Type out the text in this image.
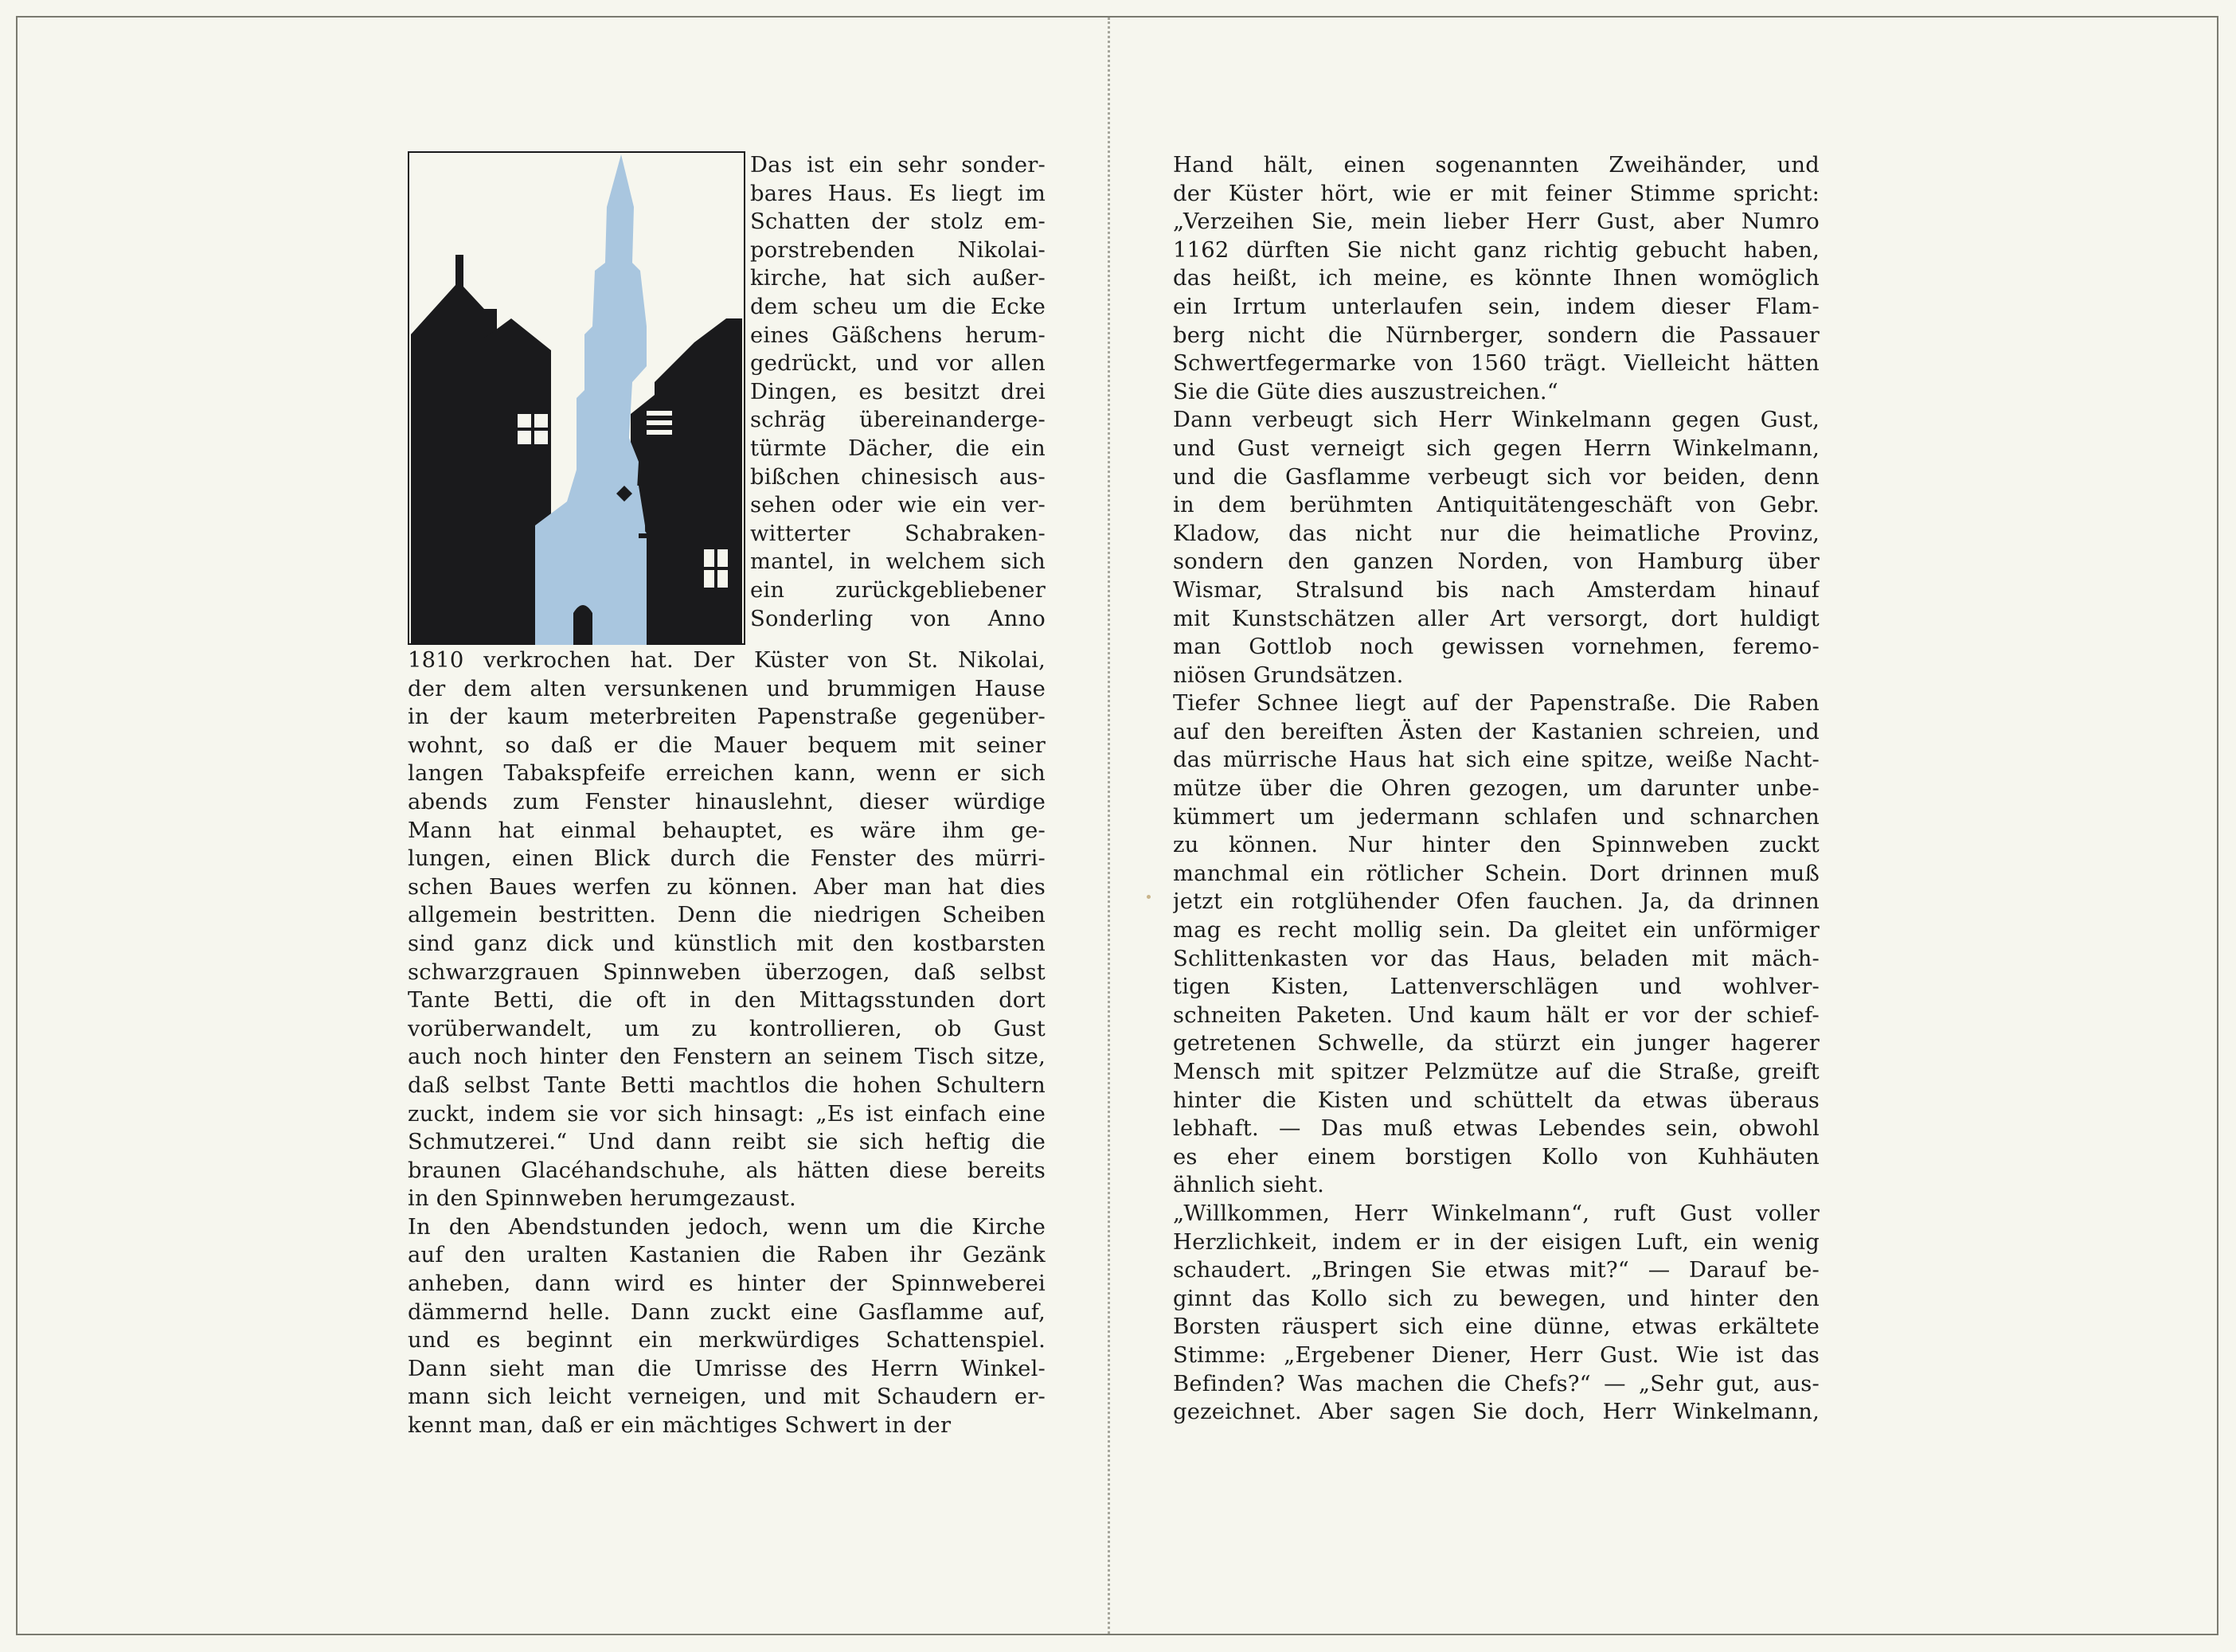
Das ist ein sehr sonder-
bares Haus. Es liegt im
Schatten der stolz em-
porstrebenden Nikolai-
kirche, hat sich außer-
dem scheu um die Ecke
eines Gäßchens herum-
gedrückt, und vor allen
Dingen, es besitzt drei
schräg übereinanderge-
türmte Dächer, die ein
bißchen chinesisch aus-
sehen oder wie ein ver-
witterter Schabraken-
mantel, in welchem sich
ein zurückgebliebener
Sonderling von Anno
1810 verkrochen hat. Der Küster von St. Nikolai,
der dem alten versunkenen und brummigen Hause
in der kaum meterbreiten Papenstraße gegenüber-
wohnt, so daß er die Mauer bequem mit seiner
langen Tabakspfeife erreichen kann, wenn er sich
abends zum Fenster hinauslehnt, dieser würdige
Mann hat einmal behauptet, es wäre ihm ge-
lungen, einen Blick durch die Fenster des mürri-
schen Baues werfen zu können. Aber man hat dies
allgemein bestritten. Denn die niedrigen Scheiben
sind ganz dick und künstlich mit den kostbarsten
schwarzgrauen Spinnweben überzogen, daß selbst
Tante Betti, die oft in den Mittagsstunden dort
vorüberwandelt, um zu kontrollieren, ob Gust
auch noch hinter den Fenstern an seinem Tisch sitze,
daß selbst Tante Betti machtlos die hohen Schultern
zuckt, indem sie vor sich hinsagt: „Es ist einfach eine
Schmutzerei.“ Und dann reibt sie sich heftig die
braunen Glacéhandschuhe, als hätten diese bereits
in den Spinnweben herumgezaust.
In den Abendstunden jedoch, wenn um die Kirche
auf den uralten Kastanien die Raben ihr Gezänk
anheben, dann wird es hinter der Spinnweberei
dämmernd helle. Dann zuckt eine Gasflamme auf,
und es beginnt ein merkwürdiges Schattenspiel.
Dann sieht man die Umrisse des Herrn Winkel-
mann sich leicht verneigen, und mit Schaudern er-
kennt man, daß er ein mächtiges Schwert in der
Hand hält, einen sogenannten Zweihänder, und
der Küster hört, wie er mit feiner Stimme spricht:
„Verzeihen Sie, mein lieber Herr Gust, aber Numro
1162 dürften Sie nicht ganz richtig gebucht haben,
das heißt, ich meine, es könnte Ihnen womöglich
ein Irrtum unterlaufen sein, indem dieser Flam-
berg nicht die Nürnberger, sondern die Passauer
Schwertfegermarke von 1560 trägt. Vielleicht hätten
Sie die Güte dies auszustreichen.“
Dann verbeugt sich Herr Winkelmann gegen Gust,
und Gust verneigt sich gegen Herrn Winkelmann,
und die Gasflamme verbeugt sich vor beiden, denn
in dem berühmten Antiquitätengeschäft von Gebr.
Kladow, das nicht nur die heimatliche Provinz,
sondern den ganzen Norden, von Hamburg über
Wismar, Stralsund bis nach Amsterdam hinauf
mit Kunstschätzen aller Art versorgt, dort huldigt
man Gottlob noch gewissen vornehmen, feremo-
niösen Grundsätzen.
Tiefer Schnee liegt auf der Papenstraße. Die Raben
auf den bereiften Ästen der Kastanien schreien, und
das mürrische Haus hat sich eine spitze, weiße Nacht-
mütze über die Ohren gezogen, um darunter unbe-
kümmert um jedermann schlafen und schnarchen
zu können. Nur hinter den Spinnweben zuckt
manchmal ein rötlicher Schein. Dort drinnen muß
jetzt ein rotglühender Ofen fauchen. Ja, da drinnen
mag es recht mollig sein. Da gleitet ein unförmiger
Schlittenkasten vor das Haus, beladen mit mäch-
tigen Kisten, Lattenverschlägen und wohlver-
schneiten Paketen. Und kaum hält er vor der schief-
getretenen Schwelle, da stürzt ein junger hagerer
Mensch mit spitzer Pelzmütze auf die Straße, greift
hinter die Kisten und schüttelt da etwas überaus
lebhaft. — Das muß etwas Lebendes sein, obwohl
es eher einem borstigen Kollo von Kuhhäuten
ähnlich sieht.
„Willkommen, Herr Winkelmann“, ruft Gust voller
Herzlichkeit, indem er in der eisigen Luft, ein wenig
schaudert. „Bringen Sie etwas mit?“ — Darauf be-
ginnt das Kollo sich zu bewegen, und hinter den
Borsten räuspert sich eine dünne, etwas erkältete
Stimme: „Ergebener Diener, Herr Gust. Wie ist das
Befinden? Was machen die Chefs?“ — „Sehr gut, aus-
gezeichnet. Aber sagen Sie doch, Herr Winkelmann,
